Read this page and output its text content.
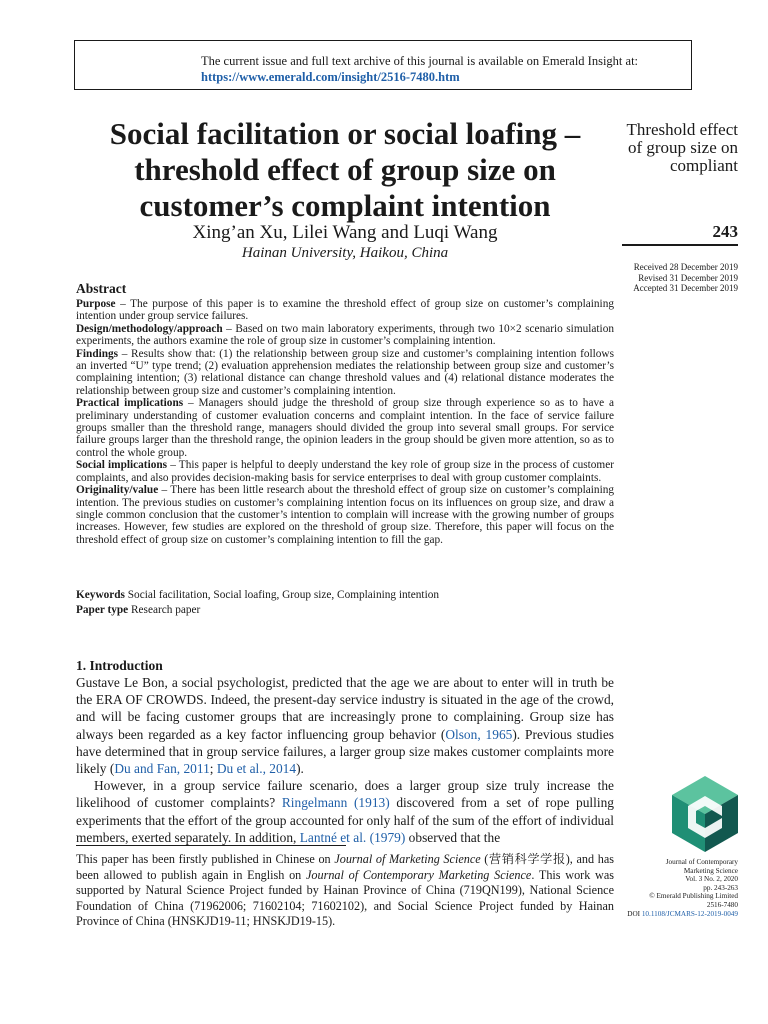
The current issue and full text archive of this journal is available on Emerald Insight at:
https://www.emerald.com/insight/2516-7480.htm
Social facilitation or social loafing – threshold effect of group size on customer’s complaint intention
Xing’an Xu, Lilei Wang and Luqi Wang
Hainan University, Haikou, China
Threshold effect of group size on compliant
243
Received 28 December 2019
Revised 31 December 2019
Accepted 31 December 2019
Abstract

Purpose – The purpose of this paper is to examine the threshold effect of group size on customer’s complaining intention under group service failures.

Design/methodology/approach – Based on two main laboratory experiments, through two 10×2 scenario simulation experiments, the authors examine the role of group size in customer’s complaining intention.

Findings – Results show that: (1) the relationship between group size and customer’s complaining intention follows an inverted “U” type trend; (2) evaluation apprehension mediates the relationship between group size and customer’s complaining intention; (3) relational distance can change threshold values and (4) relational distance moderates the relationship between group size and customer’s complaining intention.

Practical implications – Managers should judge the threshold of group size through experience so as to have a preliminary understanding of customer evaluation concerns and complaint intention. In the face of service failure groups smaller than the threshold range, managers should divided the group into several small groups. For service failure groups larger than the threshold range, the opinion leaders in the group should be given more attention, so as to control the whole group.

Social implications – This paper is helpful to deeply understand the key role of group size in the process of customer complaints, and also provides decision-making basis for service enterprises to deal with group customer complaints.

Originality/value – There has been little research about the threshold effect of group size on customer’s complaining intention. The previous studies on customer’s complaining intention focus on its influences on group size, and draw a single common conclusion that the customer’s intention to complain will increase with the growing number of groups increases. However, few studies are explored on the threshold of group size. Therefore, this paper will focus on the threshold effect of group size on customer’s complaining intention to fill the gap.

Keywords Social facilitation, Social loafing, Group size, Complaining intention
Paper type Research paper
1. Introduction

Gustave Le Bon, a social psychologist, predicted that the age we are about to enter will in truth be the ERA OF CROWDS. Indeed, the present-day service industry is situated in the age of the crowd, and will be facing customer groups that are increasingly prone to complaining. Group size has always been regarded as a key factor influencing group behavior (Olson, 1965). Previous studies have determined that in group service failures, a larger group size makes customer complaints more likely (Du and Fan, 2011; Du et al., 2014).

However, in a group service failure scenario, does a larger group size truly increase the likelihood of customer complaints? Ringelmann (1913) discovered from a set of rope pulling experiments that the effort of the group accounted for only half of the sum of the effort of individual members, exerted separately. In addition, Lantné et al. (1979) observed that the

This paper has been firstly published in Chinese on Journal of Marketing Science (营销科学学报), and has been allowed to publish again in English on Journal of Contemporary Marketing Science. This work was supported by Natural Science Project funded by Hainan Province of China (719QN199), National Science Foundation of China (71962006; 71602104; 71602102), and Social Science Project funded by Hainan Province of China (HNSKJD19-11; HNSKJD19-15).
Journal of Contemporary
Marketing Science
Vol. 3 No. 2, 2020
pp. 243-263
© Emerald Publishing Limited
2516-7480
DOI 10.1108/JCMARS-12-2019-0049
